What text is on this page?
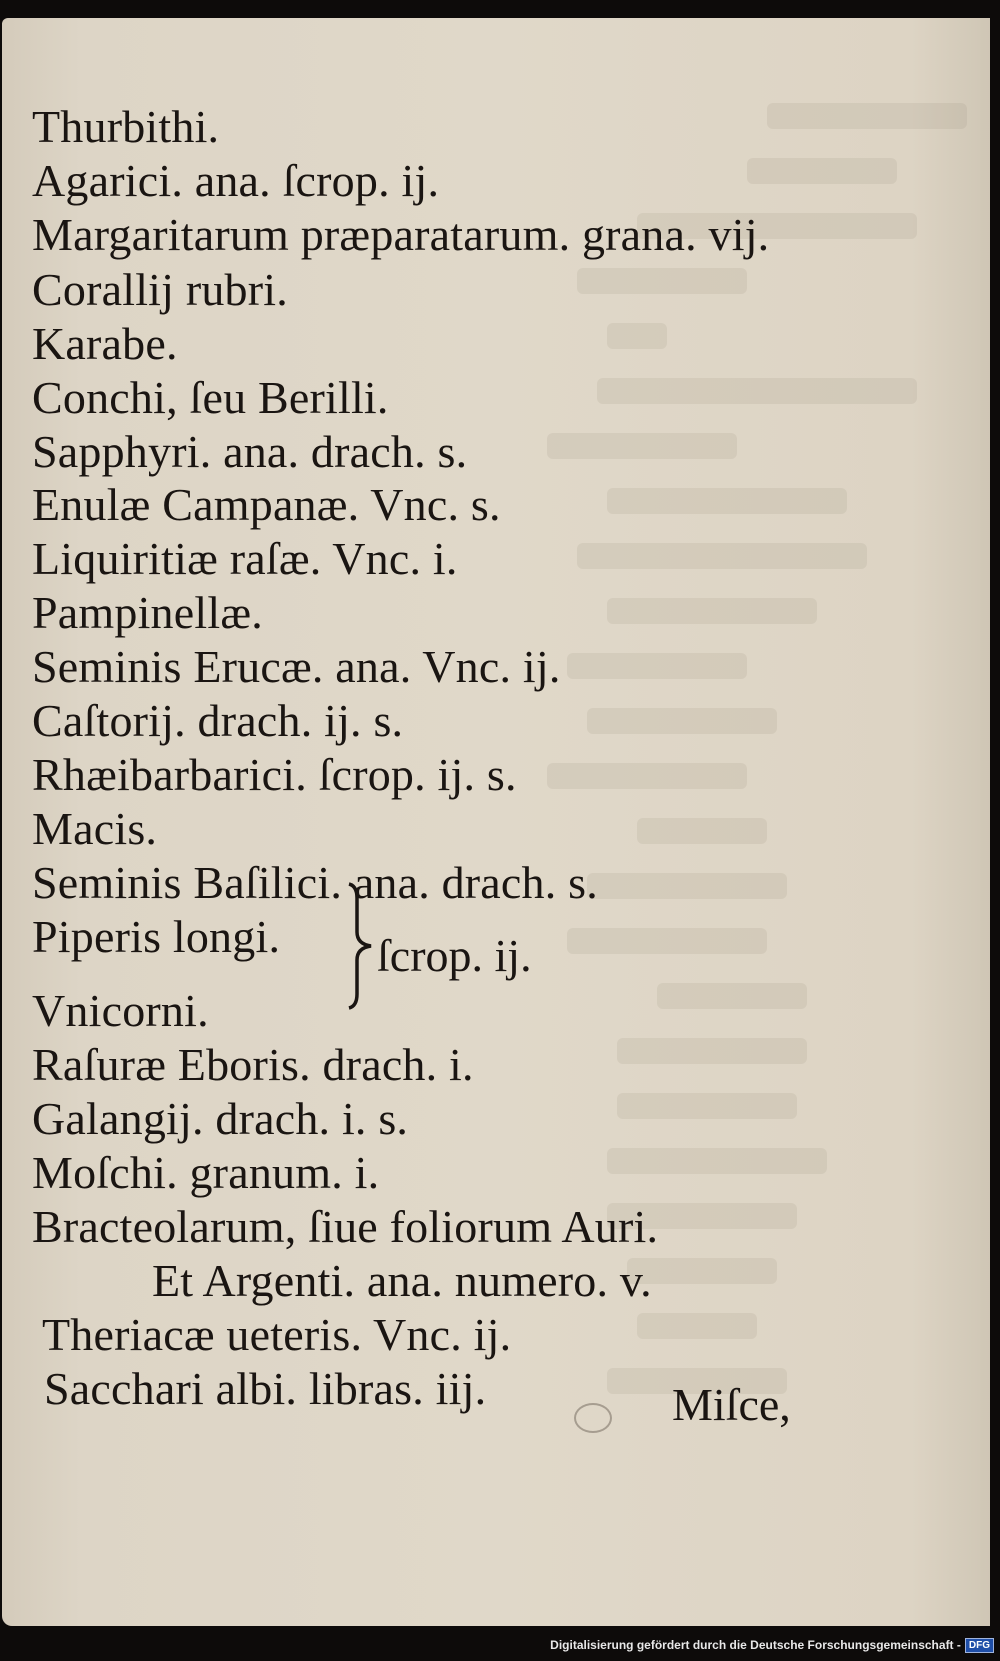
Thurbithi.
Agarici. ana. ſcrop. ij.
Margaritarum præparatarum. grana. vij.
Corallij rubri.
Karabe.
Conchi, ſeu Berilli.
Sapphyri. ana. drach. s.
Enulæ Campanæ. Vnc. s.
Liquiritiæ raſæ. Vnc. i.
Pampinellæ.
Seminis Erucæ. ana. Vnc. ij.
Caſtorij. drach. ij. s.
Rhæibarbarici. ſcrop. ij. s.
Macis.
Seminis Baſilici. ana. drach. s.
Piperis longi. ſcrop. ij.
Vnicorni.
Raſuræ Eboris. drach. i.
Galangij. drach. i. s.
Moſchi. granum. i.
Bracteolarum, ſiue foliorum Auri.
Et Argenti. ana. numero. v.
Theriacæ ueteris. Vnc. ij.
Sacchari albi. libras. iij.	Miſce,
Digitalisierung gefördert durch die Deutsche Forschungsgemeinschaft - DFG
